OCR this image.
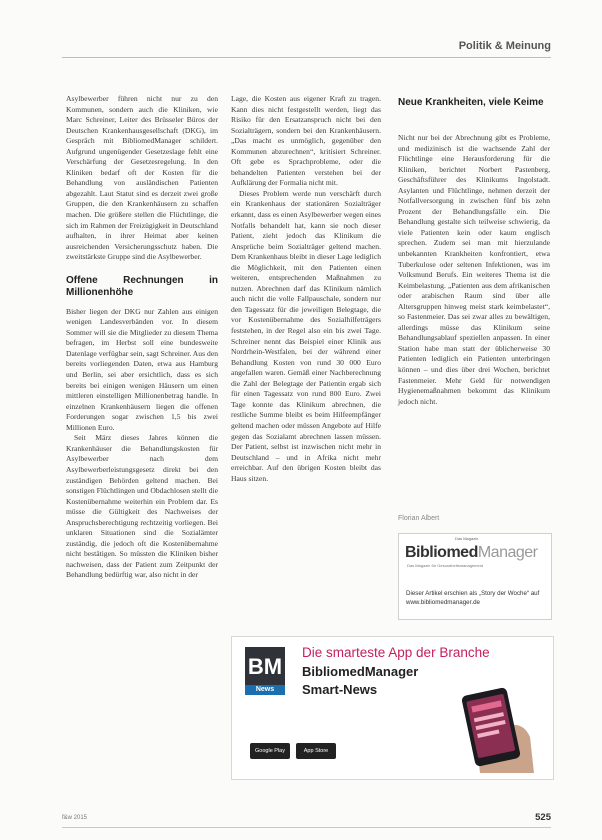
Politik & Meinung

Asylbewerber führen nicht nur zu den Kommunen, sondern auch die Kliniken, wie Marc Schreiner, Leiter des Brüsseler Büros der Deutschen Krankenhausgesellschaft (DKG), im Gespräch mit BibliomedManager schildert. Aufgrund ungenügender Gesetzeslage fehlt eine Verschärfung der Gesetzesregelung. In den Kliniken bedarf oft der Kosten für die Behandlung von ausländischen Patienten abgezahlt. Laut Statut sind es derzeit zwei große Gruppen, die den Krankenhäusern zu schaffen machen. Die größere stellen die Flüchtlinge, die sich im Rahmen der Freizügigkeit in Deutschland aufhalten, in ihrer Heimat aber keinen ausreichenden Versicherungsschutz haben. Die zweitstärkste Gruppe sind die Asylbewerber.

Offene Rechnungen in Millionenhöhe

Bisher liegen der DKG nur Zahlen aus einigen wenigen Landesverbänden vor. In diesem Sommer will sie die Mitglieder zu diesem Thema befragen, im Herbst soll eine bundesweite Datenlage verfügbar sein, sagt Schreiner. Aus den bereits vorliegenden Daten, etwa aus Hamburg und Berlin, sei aber ersichtlich, dass es sich bereits bei einigen wenigen Häusern um einen mittleren einstelligen Millionenbetrag handle. In einzelnen Krankenhäusern liegen die offenen Forderungen sogar zwischen 1,5 bis zwei Millionen Euro.

Seit März dieses Jahres können die Krankenhäuser die Behandlungskosten für Asylbewerber nach dem Asylbewerberleistungsgesetz direkt bei den zuständigen Behörden geltend machen. Bei sonstigen Flüchtlingen und Obdachlosen stellt die Kostenübernahme weiterhin ein Problem dar. Es müsse die Gültigkeit des Nachweises der Anspruchsberechtigung rechtzeitig vorliegen. Bei unklaren Situationen sind die Sozialämter zuständig, die jedoch oft die Kostenübernahme nicht bestätigen. So müssten die Kliniken bisher nachweisen, dass der Patient zum Zeitpunkt der Behandlung bedürftig war, also nicht in der

Lage, die Kosten aus eigener Kraft zu tragen. Kann dies nicht festgestellt werden, liegt das Risiko für den Ersatzanspruch nicht bei den Sozialträgern, sondern bei den Krankenhäusern. „Das macht es unmöglich, gegenüber den Kommunen abzurechnen“, kritisiert Schreiner. Oft gebe es Sprachprobleme, oder die behandelten Patienten verstehen bei der Aufklärung der Formalia nicht mit.

Dieses Problem werde nun verschärft durch ein Krankenhaus der stationären Sozialträger erkannt, dass es einen Asylbewerber wegen eines Notfalls behandelt hat, kann sie noch dieser Patient, zieht jedoch das Klinikum die Ansprüche beim Sozialträger geltend machen. Dem Krankenhaus bleibt in dieser Lage lediglich die Möglichkeit, mit den Patienten einen weiteren, entsprechenden Maßnahmen zu nutzen. Abrechnen darf das Klinikum nämlich auch nicht die volle Fallpauschale, sondern nur den Tagessatz für die jeweiligen Belegtage, die vor Kostenübernahme des Sozialhilfeträgers feststehen, in der Regel also ein bis zwei Tage. Schreiner nennt das Beispiel einer Klinik aus Nordrhein-Westfalen, bei der während einer Behandlung Kosten von rund 30 000 Euro angefallen waren. Gemäß einer Nachberechnung die Zahl der Belegtage der Patientin ergab sich für einen Tagessatz von rund 800 Euro. Zwei Tage konnte das Klinikum abrechnen, die restliche Summe bleibt es beim Hilfeempfänger geltend machen oder müssen Angebote auf Hilfe gegen das Sozialamt abrechnen lassen müssen. Der Patient, selbst ist inzwischen nicht mehr in Deutschland – und in Afrika nicht mehr erreichbar. Auf den übrigen Kosten bleibt das Haus sitzen.

Neue Krankheiten, viele Keime

Nicht nur bei der Abrechnung gibt es Probleme, und medizinisch ist die wachsende Zahl der Flüchtlinge eine Herausforderung für die Kliniken, berichtet Norbert Pastenberg, Geschäftsführer des Klinikums Ingolstadt. Asylanten und Flüchtlinge, nehmen derzeit der Notfallversorgung in zwischen fünf bis zehn Prozent der Behandlungsfälle ein. Die Behandlung gestalte sich teilweise schwierig, da viele Patienten kein oder kaum englisch sprechen. Zudem sei man mit hierzulande unbekannten Krankheiten konfrontiert, etwa Tuberkulose oder seltenen Infektionen, was im Volksmund Berufs. Ein weiteres Thema ist die Keimbelastung. „Patienten aus dem afrikanischen oder arabischen Raum sind über alle Altersgruppen hinweg meist stark keimbelastet“, so Fastenmeier. Das sei zwar alles zu bewältigen, allerdings müsse das Klinikum seine Behandlungsablauf speziellen anpassen. In einer Station habe man statt der üblicherweise 30 Patienten lediglich ein Patienten unterbringen können – und dies über drei Wochen, berichtet Fastenmeier. Mehr Geld für notwendigen Hygienemaßnahmen bekommt das Klinikum jedoch nicht.

Florian Albert
BibliomedManager
Das Magazin
Das Magazin für Gesundheitsmanagement
Dieser Artikel erschien als „Story der Woche“ auf www.bibliomedmanager.de
BM
News
Die smarteste App der Branche
BibliomedManager
Smart-News
Google Play	App Store
f&w 2015	525
